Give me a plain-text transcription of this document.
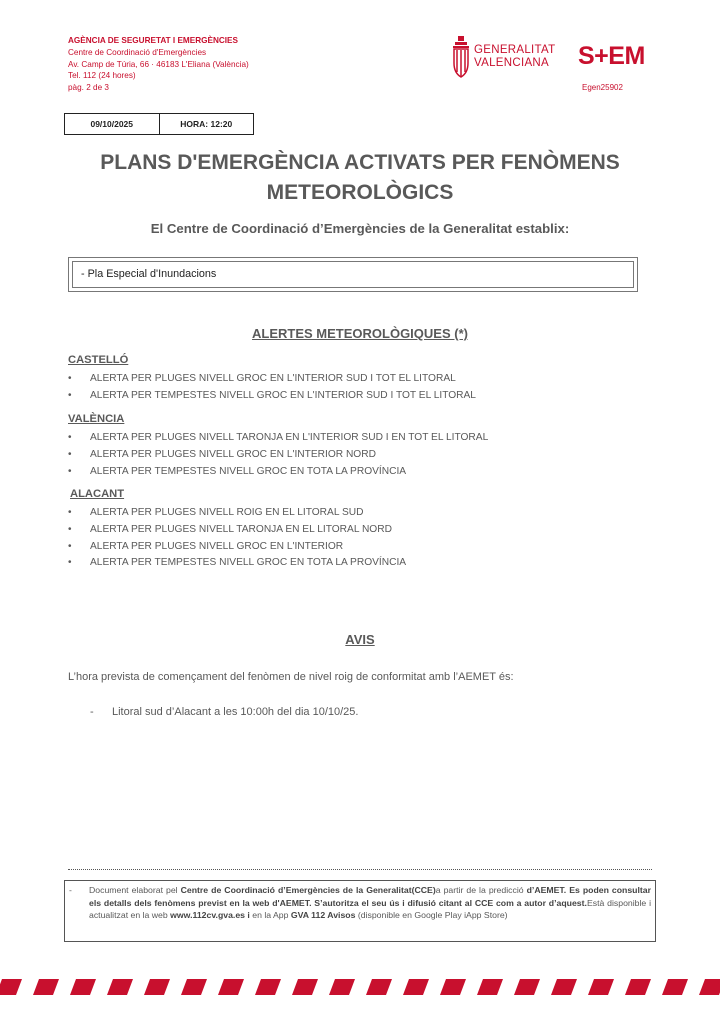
AGÈNCIA DE SEGURETAT I EMERGÈNCIES
Centre de Coordinació d'Emergències
Av. Camp de Túria, 66 · 46183 L'Eliana (València)
Tel. 112 (24 hores)
pàg. 2 de 3
GENERALITAT
VALENCIANA S+EM
Egen25902
09/10/2025	HORA: 12:20
PLANS D'EMERGÈNCIA ACTIVATS PER FENÒMENS METEOROLÒGICS
El Centre de Coordinació d’Emergències de la Generalitat establix:
- Pla Especial d'Inundacions
ALERTES METEOROLÒGIQUES (*)
CASTELLÓ
• ALERTA PER PLUGES NIVELL GROC EN L'INTERIOR SUD I TOT EL LITORAL
• ALERTA PER TEMPESTES NIVELL GROC EN L'INTERIOR SUD I TOT EL LITORAL
VALÈNCIA
• ALERTA PER PLUGES NIVELL TARONJA EN L'INTERIOR SUD I EN TOT EL LITORAL
• ALERTA PER PLUGES NIVELL GROC EN L'INTERIOR NORD
• ALERTA PER TEMPESTES NIVELL GROC EN TOTA LA PROVÍNCIA
ALACANT
• ALERTA PER PLUGES NIVELL ROIG EN EL LITORAL SUD
• ALERTA PER PLUGES NIVELL TARONJA EN EL LITORAL NORD
• ALERTA PER PLUGES NIVELL GROC EN L'INTERIOR
• ALERTA PER TEMPESTES NIVELL GROC EN TOTA LA PROVÍNCIA
AVIS
L’hora prevista de començament del fenòmen de nivel roig de conformitat amb l’AEMET és:
- Litoral sud d’Alacant a les 10:00h del dia 10/10/25.
- Document elaborat pel Centre de Coordinació d’Emergències de la Generalitat(CCE)a partir de la predicció d’AEMET. Es poden consultar els detalls dels fenòmens previst en la web d'AEMET. S’autoritza el seu ús i difusió citant al CCE com a autor d’aquest.Està disponible i actualitzat en la web www.112cv.gva.es i en la App GVA 112 Avisos (disponible en Google Play iApp Store)
